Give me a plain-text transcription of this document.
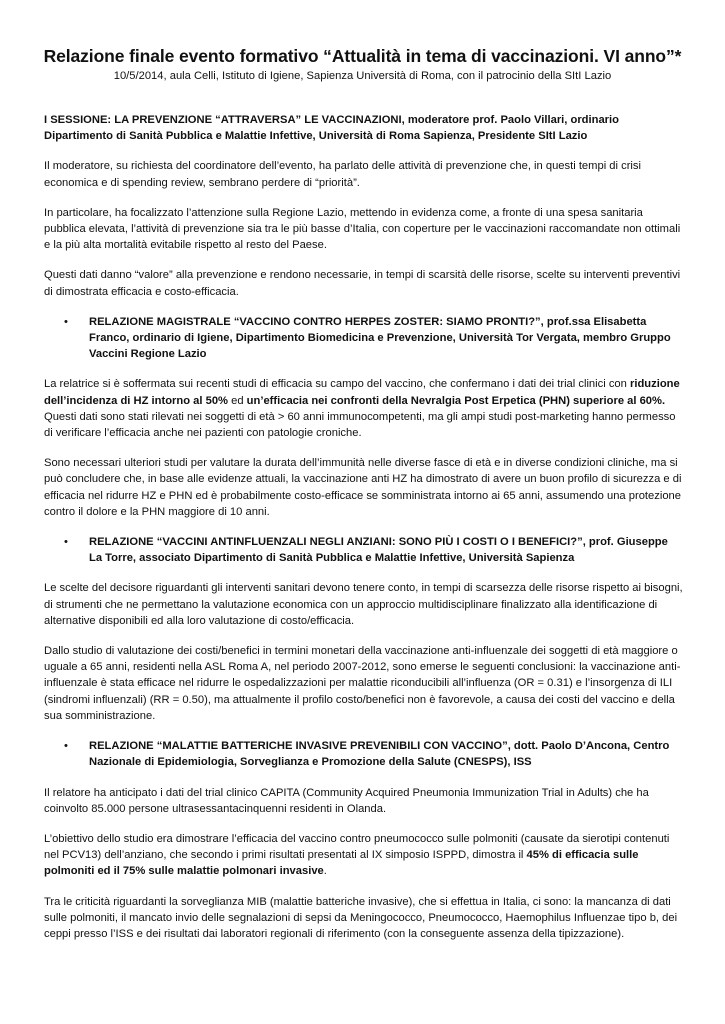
Relazione finale evento formativo “Attualità in tema di vaccinazioni. VI anno”*

10/5/2014, aula Celli, Istituto di Igiene, Sapienza Università di Roma, con il patrocinio della SItI Lazio

I SESSIONE: LA PREVENZIONE “ATTRAVERSA” LE VACCINAZIONI, moderatore prof. Paolo Villari, ordinario Dipartimento di Sanità Pubblica e Malattie Infettive, Università di Roma Sapienza, Presidente SItI Lazio

Il moderatore, su richiesta del coordinatore dell’evento, ha parlato delle attività di prevenzione che, in questi tempi di crisi economica e di spending review, sembrano perdere di “priorità”.

In particolare, ha focalizzato l’attenzione sulla Regione Lazio, mettendo in evidenza come, a fronte di una spesa sanitaria pubblica elevata, l’attività di prevenzione sia tra le più basse d’Italia, con coperture per le vaccinazioni raccomandate non ottimali e la più alta mortalità evitabile rispetto al resto del Paese.

Questi dati danno “valore” alla prevenzione e rendono necessarie, in tempi di scarsità delle risorse, scelte su interventi preventivi di dimostrata efficacia e costo-efficacia.

• RELAZIONE MAGISTRALE “VACCINO CONTRO HERPES ZOSTER: SIAMO PRONTI?”, prof.ssa Elisabetta Franco, ordinario di Igiene, Dipartimento Biomedicina e Prevenzione, Università Tor Vergata, membro Gruppo Vaccini Regione Lazio

La relatrice si è soffermata sui recenti studi di efficacia su campo del vaccino, che confermano i dati dei trial clinici con riduzione dell’incidenza di HZ intorno al 50% ed un’efficacia nei confronti della Nevralgia Post Erpetica (PHN) superiore al 60%. Questi dati sono stati rilevati nei soggetti di età > 60 anni immunocompetenti, ma gli ampi studi post-marketing hanno permesso di verificare l’efficacia anche nei pazienti con patologie croniche.

Sono necessari ulteriori studi per valutare la durata dell’immunità nelle diverse fasce di età e in diverse condizioni cliniche, ma si può concludere che, in base alle evidenze attuali, la vaccinazione anti HZ ha dimostrato di avere un buon profilo di sicurezza e di efficacia nel ridurre HZ e PHN ed è probabilmente costo-efficace se somministrata intorno ai 65 anni, assumendo una protezione contro il dolore e la PHN maggiore di 10 anni.

• RELAZIONE “VACCINI ANTINFLUENZALI NEGLI ANZIANI: SONO PIÙ I COSTI O I BENEFICI?”, prof. Giuseppe La Torre, associato Dipartimento di Sanità Pubblica e Malattie Infettive, Università Sapienza

Le scelte del decisore riguardanti gli interventi sanitari devono tenere conto, in tempi di scarsezza delle risorse rispetto ai bisogni, di strumenti che ne permettano la valutazione economica con un approccio multidisciplinare finalizzato alla identificazione di alternative disponibili ed alla loro valutazione di costo/efficacia.

Dallo studio di valutazione dei costi/benefici in termini monetari della vaccinazione anti-influenzale dei soggetti di età maggiore o uguale a 65 anni, residenti nella ASL Roma A, nel periodo 2007-2012, sono emerse le seguenti conclusioni: la vaccinazione anti-influenzale è stata efficace nel ridurre le ospedalizzazioni per malattie riconducibili all’influenza (OR = 0.31) e l’insorgenza di ILI (sindromi influenzali) (RR = 0.50), ma attualmente il profilo costo/benefici non è favorevole, a causa dei costi del vaccino e della sua somministrazione.

• RELAZIONE “MALATTIE BATTERICHE INVASIVE PREVENIBILI CON VACCINO”, dott. Paolo D’Ancona, Centro Nazionale di Epidemiologia, Sorveglianza e Promozione della Salute (CNESPS), ISS

Il relatore ha anticipato i dati del trial clinico CAPITA (Community Acquired Pneumonia Immunization Trial in Adults) che ha coinvolto 85.000 persone ultrasessantacinquenni residenti in Olanda.

L’obiettivo dello studio era dimostrare l’efficacia del vaccino contro pneumococco sulle polmoniti (causate da sierotipi contenuti nel PCV13) dell’anziano, che secondo i primi risultati presentati al IX simposio ISPPD, dimostra il 45% di efficacia sulle polmoniti ed il 75% sulle malattie polmonari invasive.

Tra le criticità riguardanti la sorveglianza MIB (malattie batteriche invasive), che si effettua in Italia, ci sono: la mancanza di dati sulle polmoniti, il mancato invio delle segnalazioni di sepsi da Meningococco, Pneumococco, Haemophilus Influenzae tipo b, dei ceppi presso l’ISS e dei risultati dai laboratori regionali di riferimento (con la conseguente assenza della tipizzazione).
